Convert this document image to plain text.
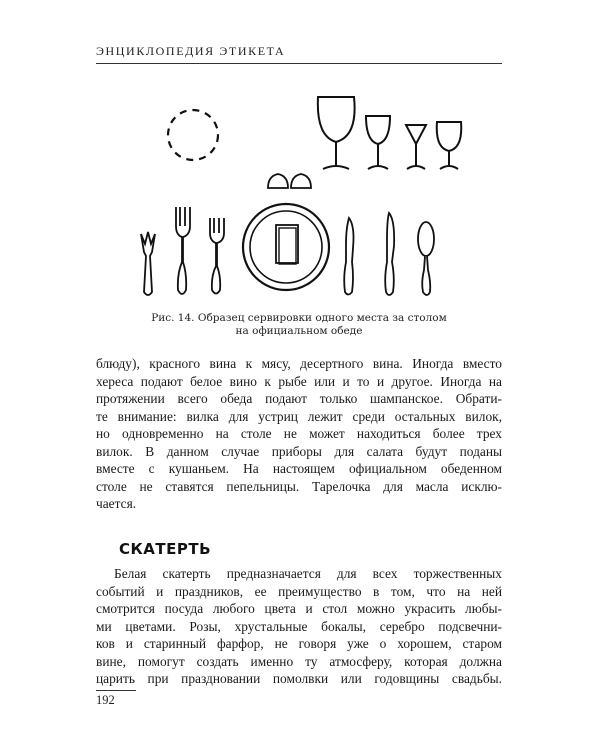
ЭНЦИКЛОПЕДИЯ ЭТИКЕТА
Рис. 14. Образец сервировки одного места за столом
на официальном обеде
блюду), красного вина к мясу, десертного вина. Иногда вместо
хереса подают белое вино к рыбе или и то и другое. Иногда на
протяжении всего обеда подают только шампанское. Обрати-
те внимание: вилка для устриц лежит среди остальных вилок,
но одновременно на столе не может находиться более трех
вилок. В данном случае приборы для салата будут поданы
вместе с кушаньем. На настоящем официальном обеденном
столе не ставятся пепельницы. Тарелочка для масла исклю-
чается.
СКАТЕРТЬ
Белая скатерть предназначается для всех торжественных
событий и праздников, ее преимущество в том, что на ней
смотрится посуда любого цвета и стол можно украсить любы-
ми цветами. Розы, хрустальные бокалы, серебро подсвечни-
ков и старинный фарфор, не говоря уже о хорошем, старом
вине, помогут создать именно ту атмосферу, которая должна
царить при праздновании помолвки или годовщины свадьбы.
192
